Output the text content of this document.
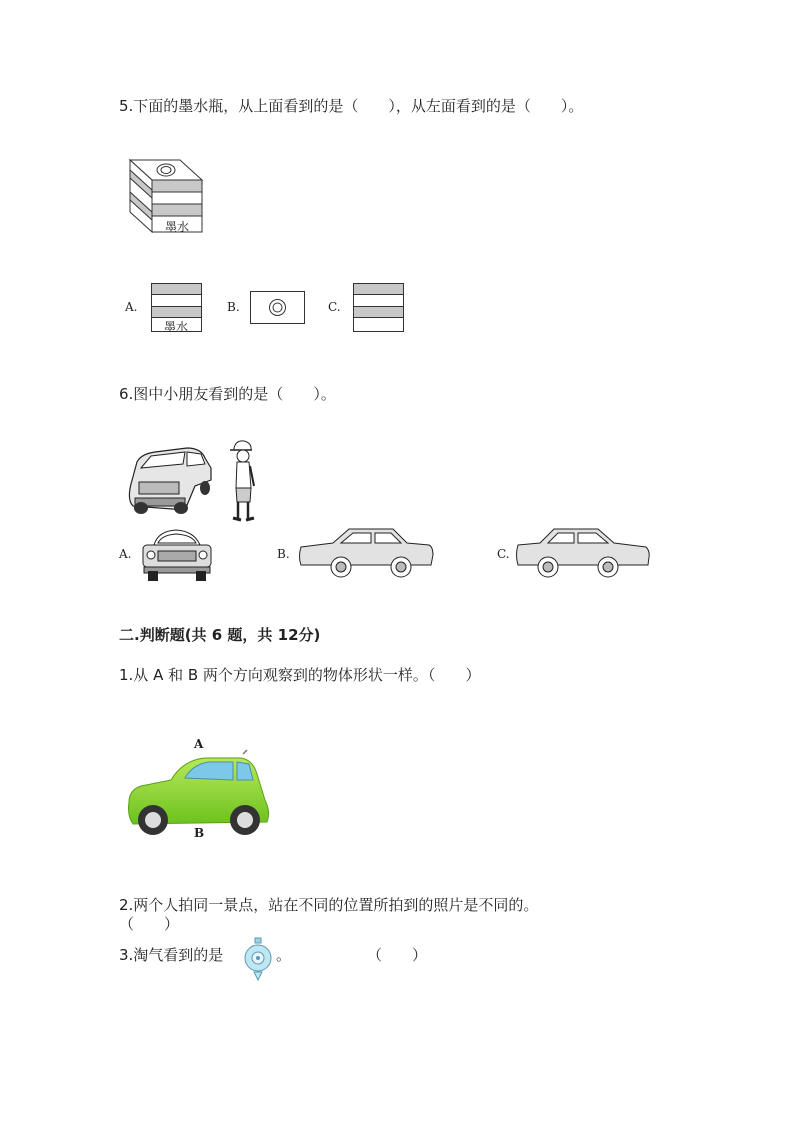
5.下面的墨水瓶，从上面看到的是（　　），从左面看到的是（　　）。
墨水
A.
墨水
B.	C.
6.图中小朋友看到的是（　　）。
A.	B.	C.
二.判断题(共 6 题，共 12分)
1.从 A 和 B 两个方向观察到的物体形状一样。（　　）
A
B
2.两个人拍同一景点，站在不同的位置所拍到的照片是不同的。
（　　）
3.淘气看到的是	。	（　　）
